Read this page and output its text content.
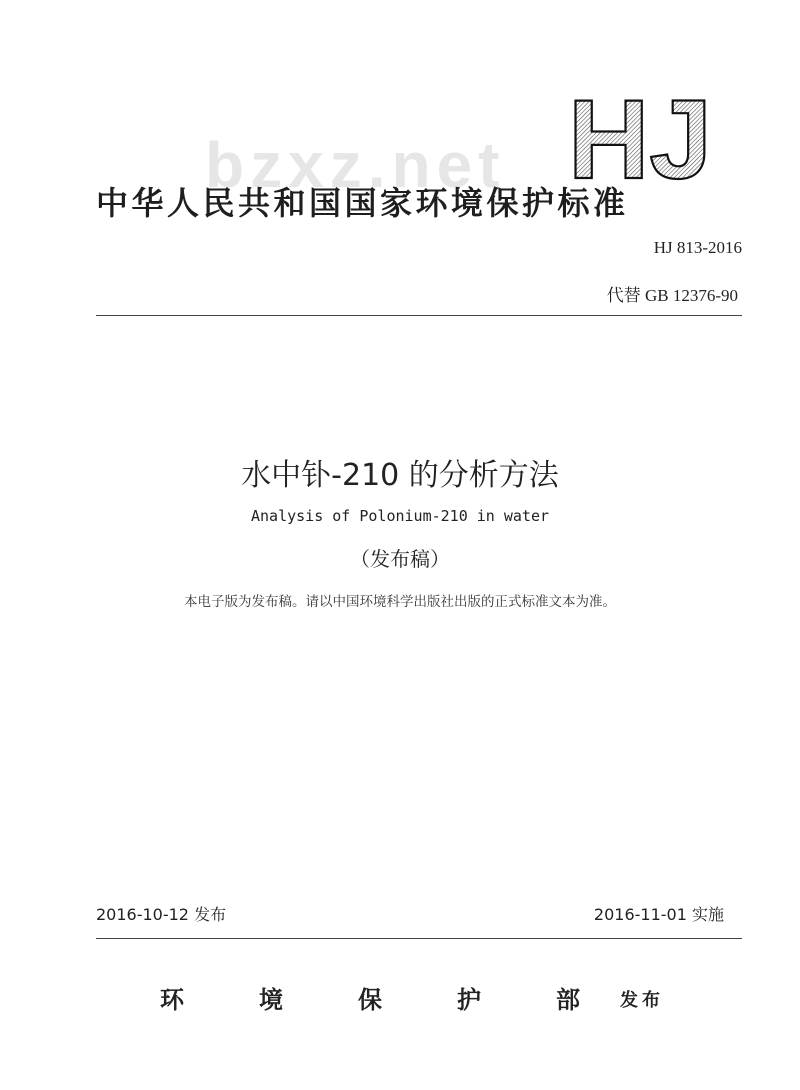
HJ
bzxz.net
中华人民共和国国家环境保护标准
HJ 813-2016
代替 GB 12376-90
水中钋-210 的分析方法
Analysis of Polonium-210 in water
（发布稿）
本电子版为发布稿。请以中国环境科学出版社出版的正式标准文本为准。
2016-10-12 发布	2016-11-01 实施
环	境	保	护	部 发布
